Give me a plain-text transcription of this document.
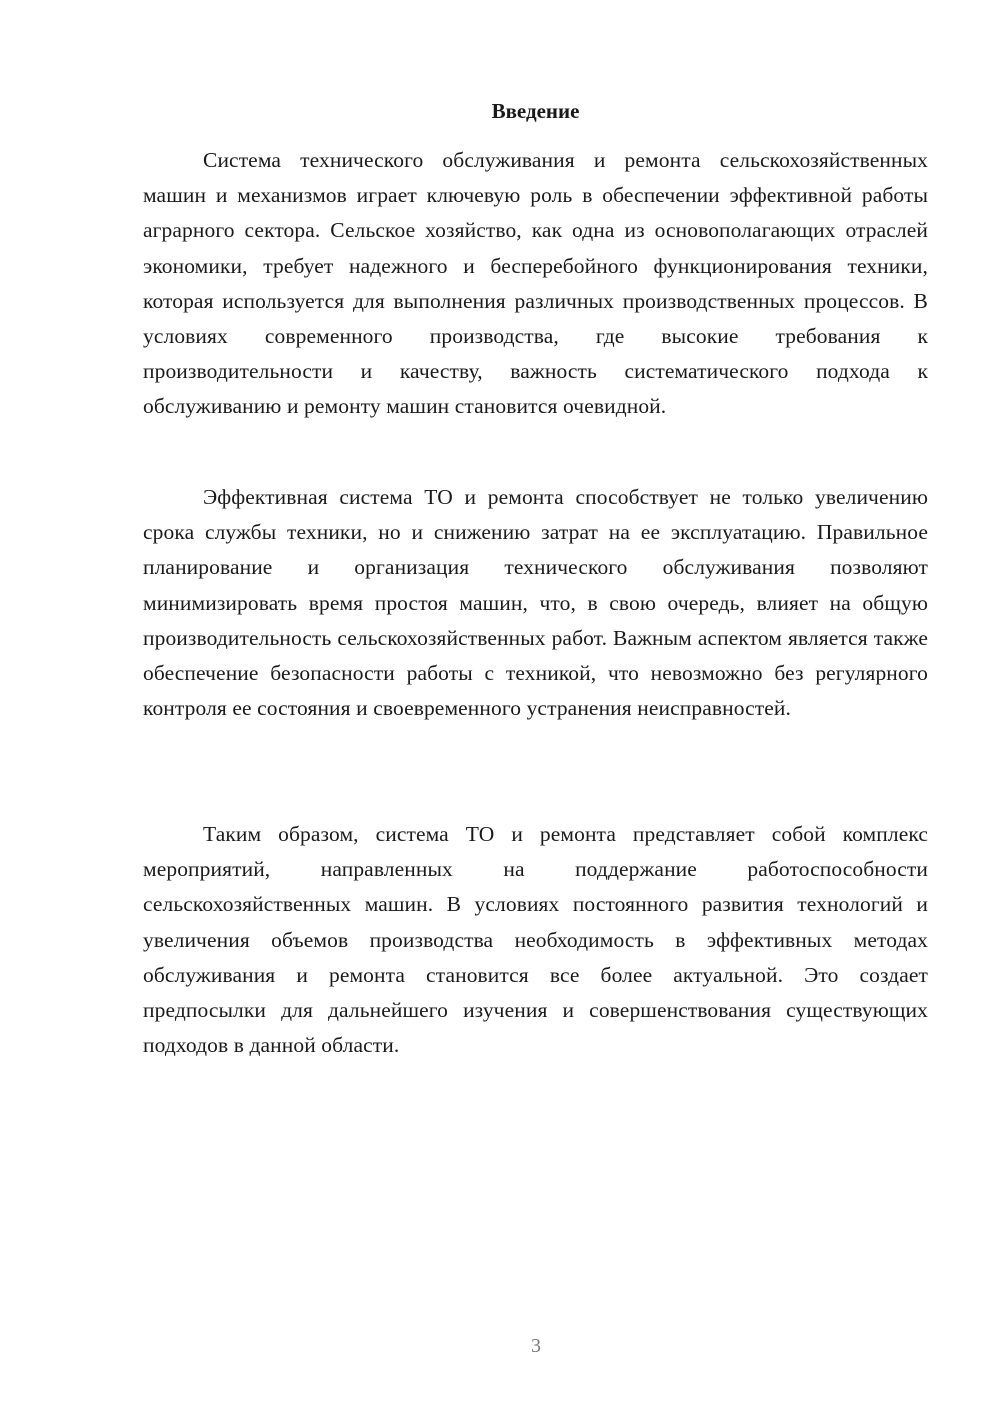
Введение

Система технического обслуживания и ремонта сельскохозяйственных машин и механизмов играет ключевую роль в обеспечении эффективной работы аграрного сектора. Сельское хозяйство, как одна из основополагающих отраслей экономики, требует надежного и бесперебойного функционирования техники, которая используется для выполнения различных производственных процессов. В условиях современного производства, где высокие требования к производительности и качеству, важность систематического подхода к обслуживанию и ремонту машин становится очевидной.

Эффективная система ТО и ремонта способствует не только увеличению срока службы техники, но и снижению затрат на ее эксплуатацию. Правильное планирование и организация технического обслуживания позволяют минимизировать время простоя машин, что, в свою очередь, влияет на общую производительность сельскохозяйственных работ. Важным аспектом является также обеспечение безопасности работы с техникой, что невозможно без регулярного контроля ее состояния и своевременного устранения неисправностей.

Таким образом, система ТО и ремонта представляет собой комплекс мероприятий, направленных на поддержание работоспособности сельскохозяйственных машин. В условиях постоянного развития технологий и увеличения объемов производства необходимость в эффективных методах обслуживания и ремонта становится все более актуальной. Это создает предпосылки для дальнейшего изучения и совершенствования существующих подходов в данной области.

3
